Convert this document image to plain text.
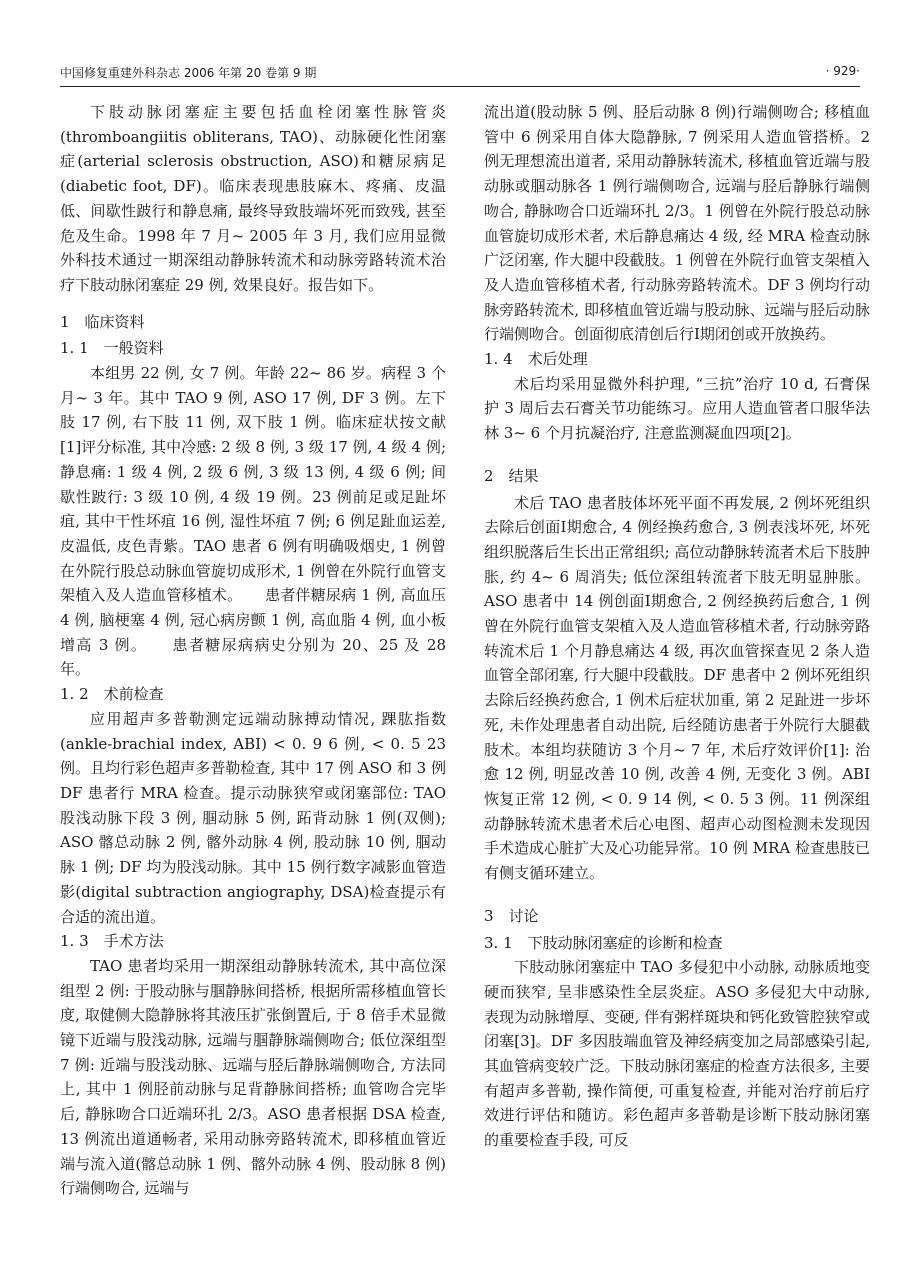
中国修复重建外科杂志 2006 年第 20 卷第 9 期	· 929·

下肢动脉闭塞症主要包括血栓闭塞性脉管炎(thromboangiitis obliterans, TAO)、动脉硬化性闭塞症(arterial sclerosis obstruction, ASO)和糖尿病足(diabetic foot, DF)。临床表现患肢麻木、疼痛、皮温低、间歇性跛行和静息痛, 最终导致肢端坏死而致残, 甚至危及生命。1998 年 7 月~ 2005 年 3 月, 我们应用显微外科技术通过一期深组动静脉转流术和动脉旁路转流术治疗下肢动脉闭塞症 29 例, 效果良好。报告如下。

1　临床资料
1. 1　一般资料

本组男 22 例, 女 7 例。年龄 22~ 86 岁。病程 3 个月~ 3 年。其中 TAO 9 例, ASO 17 例, DF 3 例。左下肢 17 例, 右下肢 11 例, 双下肢 1 例。临床症状按文献[1]评分标准, 其中冷感: 2 级 8 例, 3 级 17 例, 4 级 4 例; 静息痛: 1 级 4 例, 2 级 6 例, 3 级 13 例, 4 级 6 例; 间歇性跛行: 3 级 10 例, 4 级 19 例。23 例前足或足趾坏疽, 其中干性坏疽 16 例, 湿性坏疽 7 例; 6 例足趾血运差, 皮温低, 皮色青紫。TAO 患者 6 例有明确吸烟史, 1 例曾在外院行股总动脉血管旋切成形术, 1 例曾在外院行血管支架植入及人造血管移植术。　　患者伴糖尿病 1 例, 高血压 4 例, 脑梗塞 4 例, 冠心病房颤 1 例, 高血脂 4 例, 血小板增高 3 例。　　患者糖尿病病史分别为 20、25 及 28 年。

1. 2　术前检查

应用超声多普勒测定远端动脉搏动情况, 踝肱指数(ankle-brachial index, ABI) < 0. 9 6 例, < 0. 5 23 例。且均行彩色超声多普勒检查, 其中 17 例 ASO 和 3 例 DF 患者行 MRA 检查。提示动脉狭窄或闭塞部位: TAO 股浅动脉下段 3 例, 腘动脉 5 例, 跖背动脉 1 例(双侧); ASO 髂总动脉 2 例, 髂外动脉 4 例, 股动脉 10 例, 腘动脉 1 例; DF 均为股浅动脉。其中 15 例行数字减影血管造影(digital subtraction angiography, DSA)检查提示有合适的流出道。

1. 3　手术方法

TAO 患者均采用一期深组动静脉转流术, 其中高位深组型 2 例: 于股动脉与腘静脉间搭桥, 根据所需移植血管长度, 取健侧大隐静脉将其液压扩张倒置后, 于 8 倍手术显微镜下近端与股浅动脉, 远端与腘静脉端侧吻合; 低位深组型 7 例: 近端与股浅动脉、远端与胫后静脉端侧吻合, 方法同上, 其中 1 例胫前动脉与足背静脉间搭桥; 血管吻合完毕后, 静脉吻合口近端环扎 2/3。ASO 患者根据 DSA 检查, 13 例流出道通畅者, 采用动脉旁路转流术, 即移植血管近端与流入道(髂总动脉 1 例、髂外动脉 4 例、股动脉 8 例)行端侧吻合, 远端与

流出道(股动脉 5 例、胫后动脉 8 例)行端侧吻合; 移植血管中 6 例采用自体大隐静脉, 7 例采用人造血管搭桥。2 例无理想流出道者, 采用动静脉转流术, 移植血管近端与股动脉或腘动脉各 1 例行端侧吻合, 远端与胫后静脉行端侧吻合, 静脉吻合口近端环扎 2/3。1 例曾在外院行股总动脉血管旋切成形术者, 术后静息痛达 4 级, 经 MRA 检查动脉广泛闭塞, 作大腿中段截肢。1 例曾在外院行血管支架植入及人造血管移植术者, 行动脉旁路转流术。DF 3 例均行动脉旁路转流术, 即移植血管近端与股动脉、远端与胫后动脉行端侧吻合。创面彻底清创后行Ⅰ期闭创或开放换药。

1. 4　术后处理

术后均采用显微外科护理, “三抗”治疗 10 d, 石膏保护 3 周后去石膏关节功能练习。应用人造血管者口服华法林 3~ 6 个月抗凝治疗, 注意监测凝血四项[2]。

2　结果

术后 TAO 患者肢体坏死平面不再发展, 2 例坏死组织去除后创面Ⅰ期愈合, 4 例经换药愈合, 3 例表浅坏死, 坏死组织脱落后生长出正常组织; 高位动静脉转流者术后下肢肿胀, 约 4~ 6 周消失; 低位深组转流者下肢无明显肿胀。ASO 患者中 14 例创面Ⅰ期愈合, 2 例经换药后愈合, 1 例曾在外院行血管支架植入及人造血管移植术者, 行动脉旁路转流术后 1 个月静息痛达 4 级, 再次血管探查见 2 条人造血管全部闭塞, 行大腿中段截肢。DF 患者中 2 例坏死组织去除后经换药愈合, 1 例术后症状加重, 第 2 足趾进一步坏死, 未作处理患者自动出院, 后经随访患者于外院行大腿截肢术。本组均获随访 3 个月~ 7 年, 术后疗效评价[1]: 治愈 12 例, 明显改善 10 例, 改善 4 例, 无变化 3 例。ABI 恢复正常 12 例, < 0. 9 14 例, < 0. 5 3 例。11 例深组动静脉转流术患者术后心电图、超声心动图检测未发现因手术造成心脏扩大及心功能异常。10 例 MRA 检查患肢已有侧支循环建立。

3　讨论
3. 1　下肢动脉闭塞症的诊断和检查

下肢动脉闭塞症中 TAO 多侵犯中小动脉, 动脉质地变硬而狭窄, 呈非感染性全层炎症。ASO 多侵犯大中动脉, 表现为动脉增厚、变硬, 伴有粥样斑块和钙化致管腔狭窄或闭塞[3]。DF 多因肢端血管及神经病变加之局部感染引起, 其血管病变较广泛。下肢动脉闭塞症的检查方法很多, 主要有超声多普勒, 操作简便, 可重复检查, 并能对治疗前后疗效进行评估和随访。彩色超声多普勒是诊断下肢动脉闭塞的重要检查手段, 可反
